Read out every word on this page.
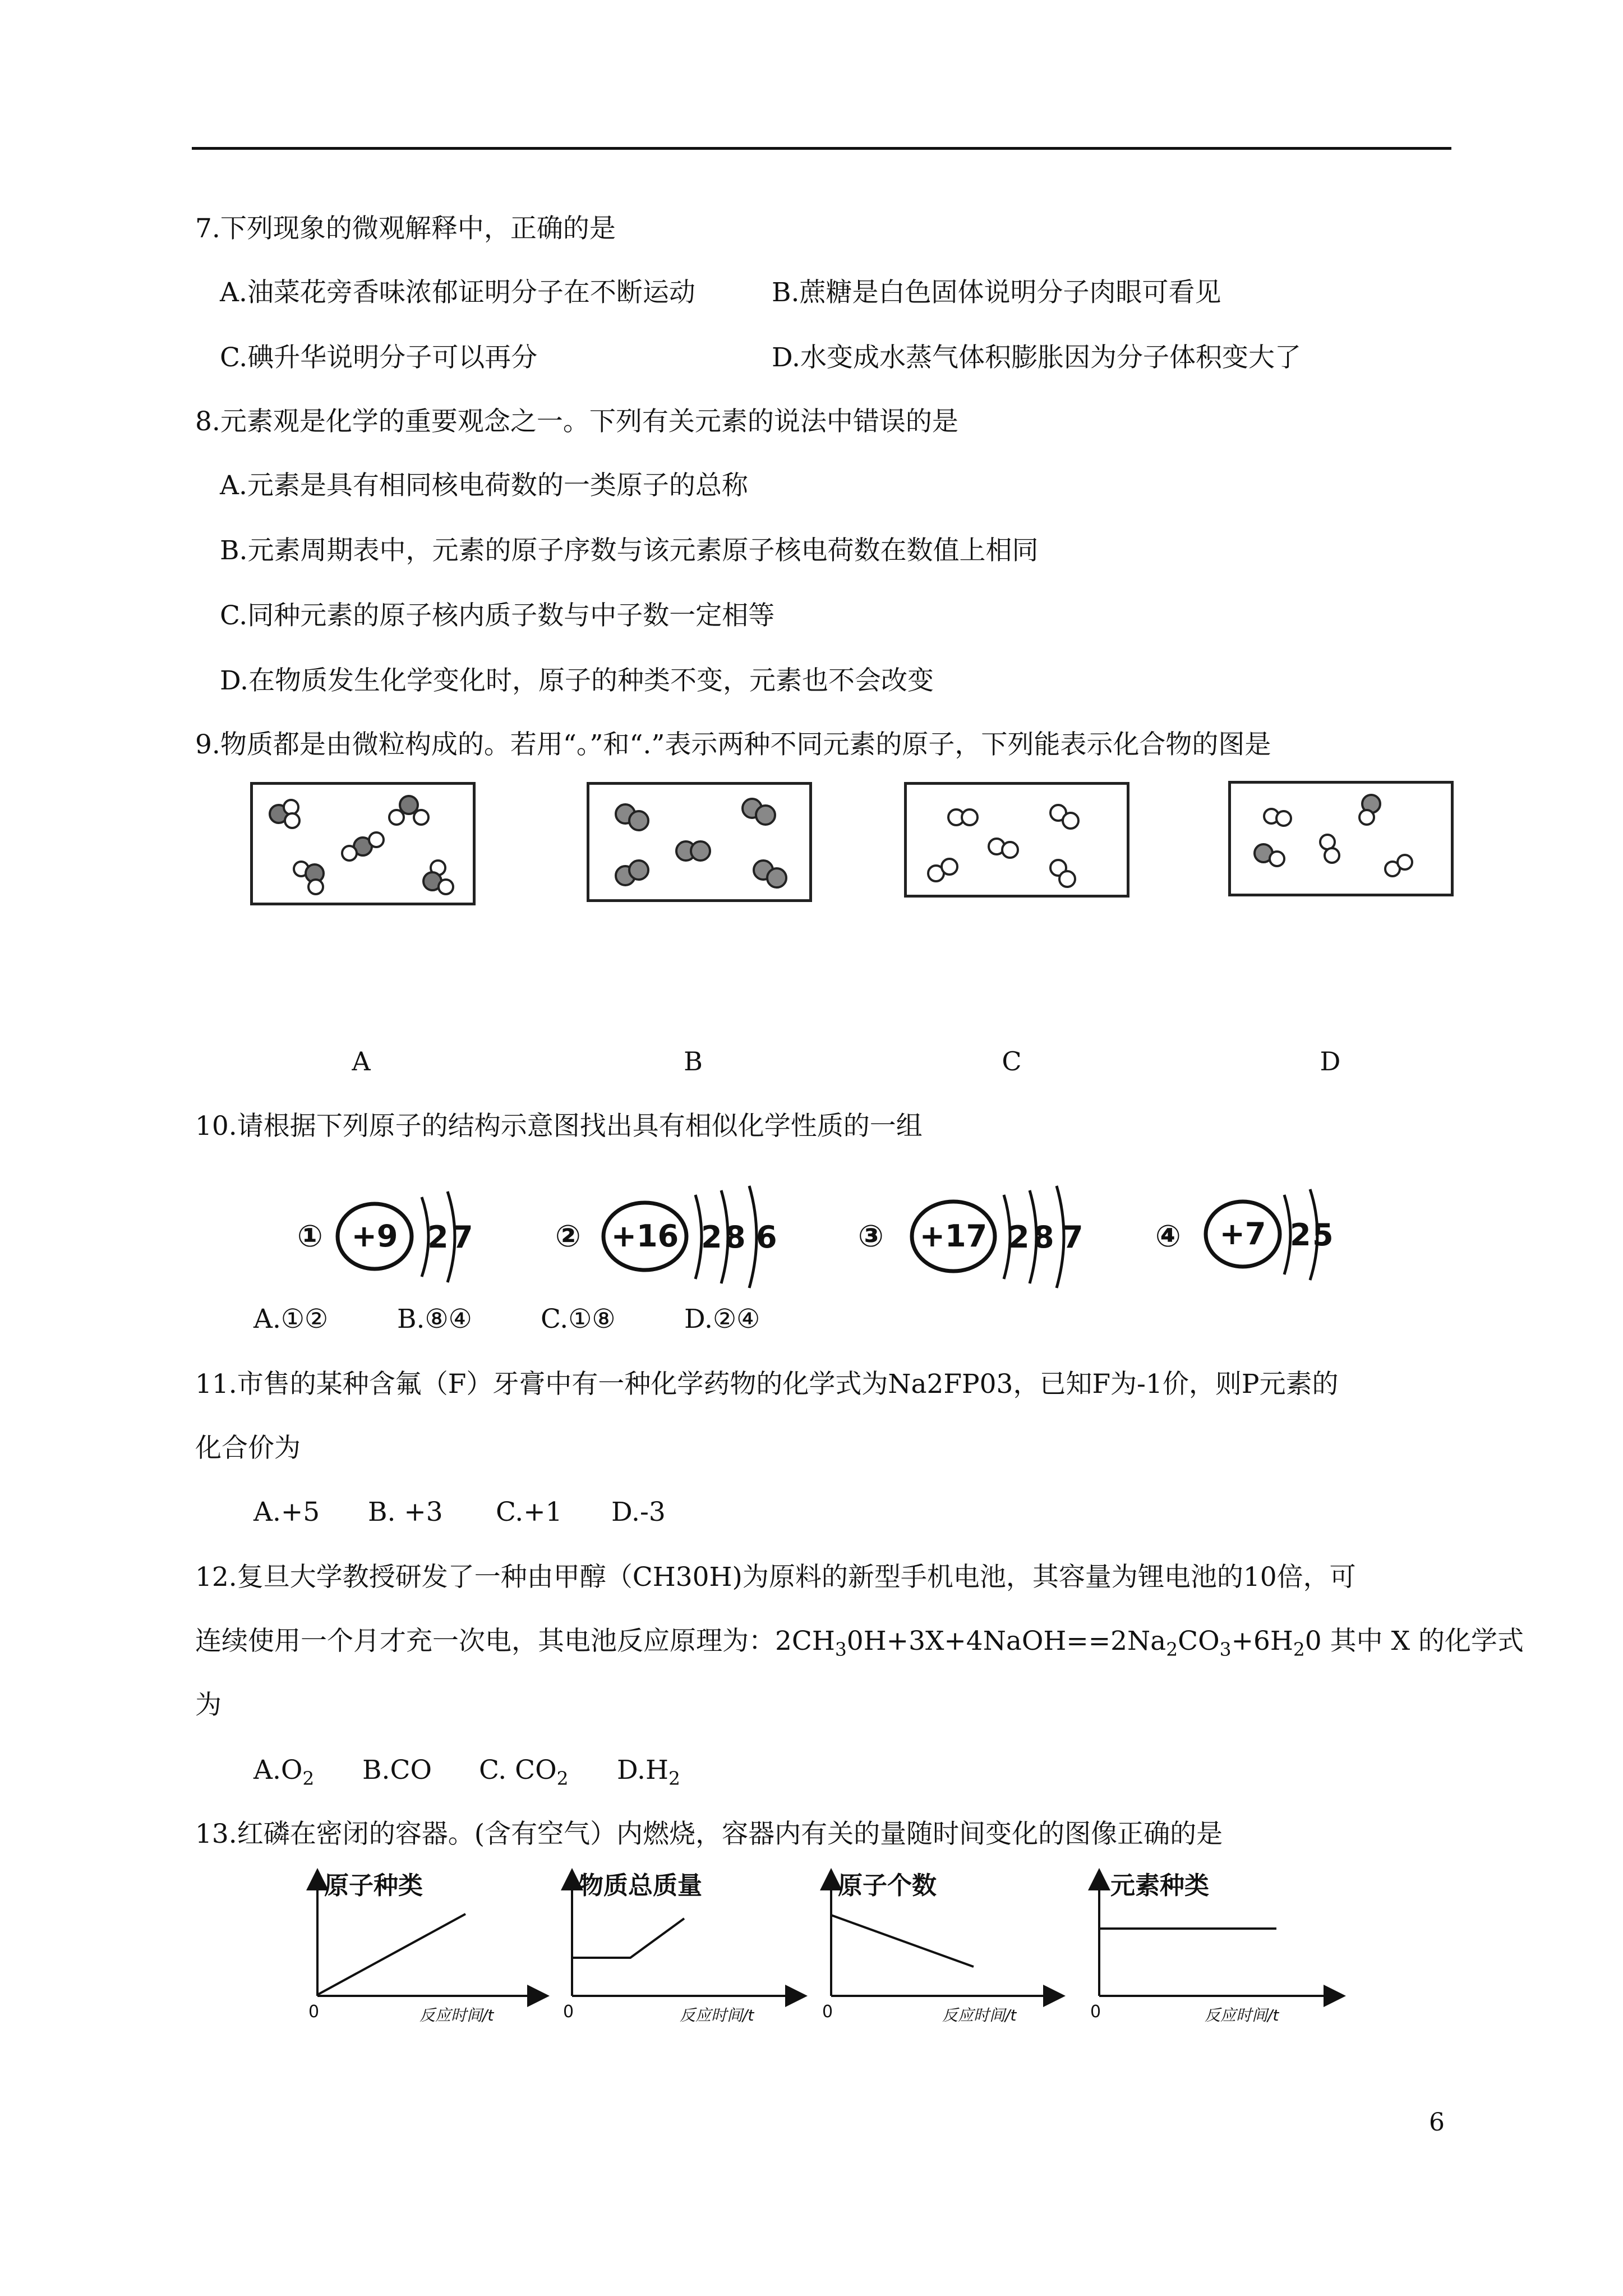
7.下列现象的微观解释中，正确的是
A.油菜花旁香味浓郁证明分子在不断运动	B.蔗糖是白色固体说明分子肉眼可看见
C.碘升华说明分子可以再分	D.水变成水蒸气体积膨胀因为分子体积变大了
8.元素观是化学的重要观念之一。下列有关元素的说法中错误的是
A.元素是具有相同核电荷数的一类原子的总称
B.元素周期表中，元素的原子序数与该元素原子核电荷数在数值上相同
C.同种元素的原子核内质子数与中子数一定相等
D.在物质发生化学变化时，原子的种类不变，元素也不会改变
9.物质都是由微粒构成的。若用“。”和“.”表示两种不同元素的原子，下列能表示化合物的图是
A	B	C	D
10.请根据下列原子的结构示意图找出具有相似化学性质的一组
① +9 2 7	② +16 2 8 6	③ +17 2 8 7 ④ +7 2 5
A.①②	B.⑧④	C.①⑧	D.②④
11.市售的某种含氟（F）牙膏中有一种化学药物的化学式为Na2FP03，已知F为-1价，则P元素的
化合价为
A.+5 B. +3 C.+1 D.-3
12.复旦大学教授研发了一种由甲醇（CH30H)为原料的新型手机电池，其容量为锂电池的10倍，可
连续使用一个月才充一次电，其电池反应原理为：$2CH_30H+3X+4NaOH==2Na_2CO_3+6H_20$ 其中 X 的化学式
为
$A.O_2$ B.CO C. $CO_2$ $D.H_2$
13.红磷在密闭的容器。(含有空气）内燃烧，容器内有关的量随时间变化的图像正确的是
原子种类	物质总质量	原子个数	元素种类
反应时间/t	反应时间/t	反应时间/t	反应时间/t
0	0	0	0
6
